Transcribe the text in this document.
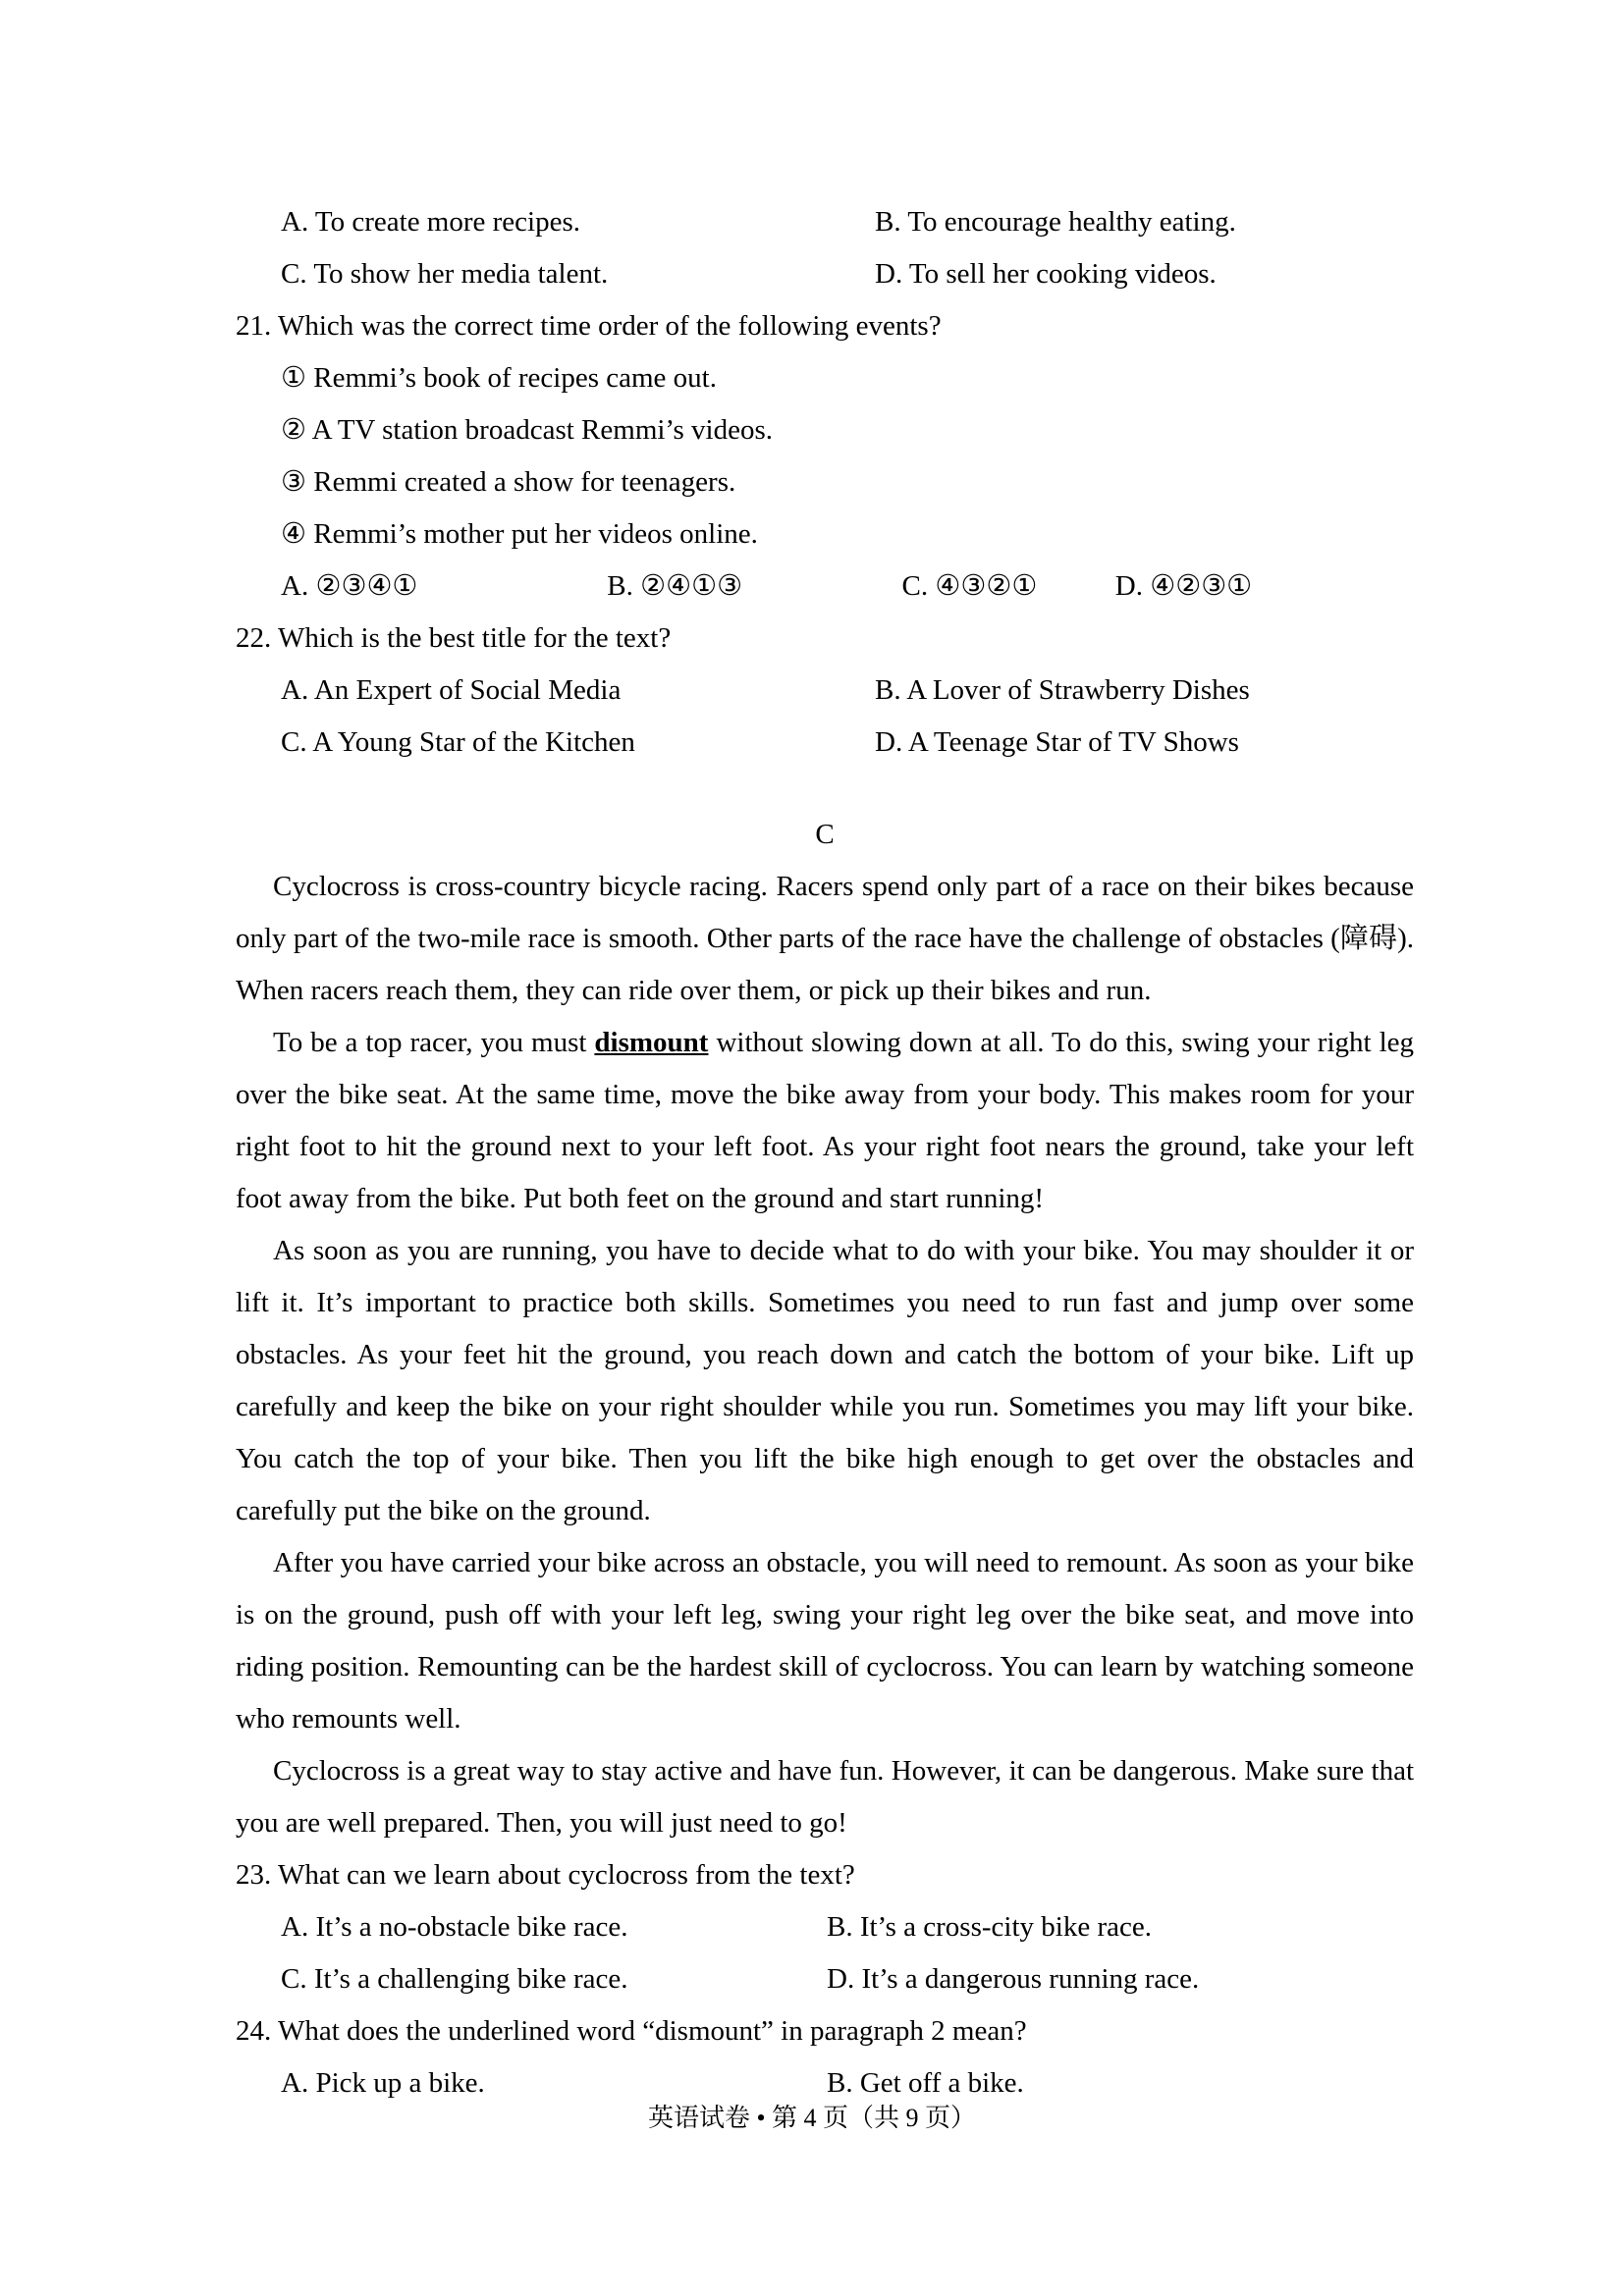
A. To create more recipes.	B. To encourage healthy eating.
C. To show her media talent.	D. To sell her cooking videos.
21. Which was the correct time order of the following events?
① Remmi’s book of recipes came out.
② A TV station broadcast Remmi’s videos.
③ Remmi created a show for teenagers.
④ Remmi’s mother put her videos online.
A. ②③④①	B. ②④①③	C. ④③②①	D. ④②③①
22. Which is the best title for the text?
A. An Expert of Social Media	B. A Lover of Strawberry Dishes
C. A Young Star of the Kitchen	D. A Teenage Star of TV Shows
C

Cyclocross is cross-country bicycle racing. Racers spend only part of a race on their bikes because only part of the two-mile race is smooth. Other parts of the race have the challenge of obstacles (障碍). When racers reach them, they can ride over them, or pick up their bikes and run.

To be a top racer, you must dismount without slowing down at all. To do this, swing your right leg over the bike seat. At the same time, move the bike away from your body. This makes room for your right foot to hit the ground next to your left foot. As your right foot nears the ground, take your left foot away from the bike. Put both feet on the ground and start running!

As soon as you are running, you have to decide what to do with your bike. You may shoulder it or lift it. It’s important to practice both skills. Sometimes you need to run fast and jump over some obstacles. As your feet hit the ground, you reach down and catch the bottom of your bike. Lift up carefully and keep the bike on your right shoulder while you run. Sometimes you may lift your bike. You catch the top of your bike. Then you lift the bike high enough to get over the obstacles and carefully put the bike on the ground.

After you have carried your bike across an obstacle, you will need to remount. As soon as your bike is on the ground, push off with your left leg, swing your right leg over the bike seat, and move into riding position. Remounting can be the hardest skill of cyclocross. You can learn by watching someone who remounts well.

Cyclocross is a great way to stay active and have fun. However, it can be dangerous. Make sure that you are well prepared. Then, you will just need to go!

23. What can we learn about cyclocross from the text?
A. It’s a no-obstacle bike race.	B. It’s a cross-city bike race.
C. It’s a challenging bike race.	D. It’s a dangerous running race.
24. What does the underlined word “dismount” in paragraph 2 mean?
A. Pick up a bike.	B. Get off a bike.
英语试卷 • 第 4 页（共 9 页）
